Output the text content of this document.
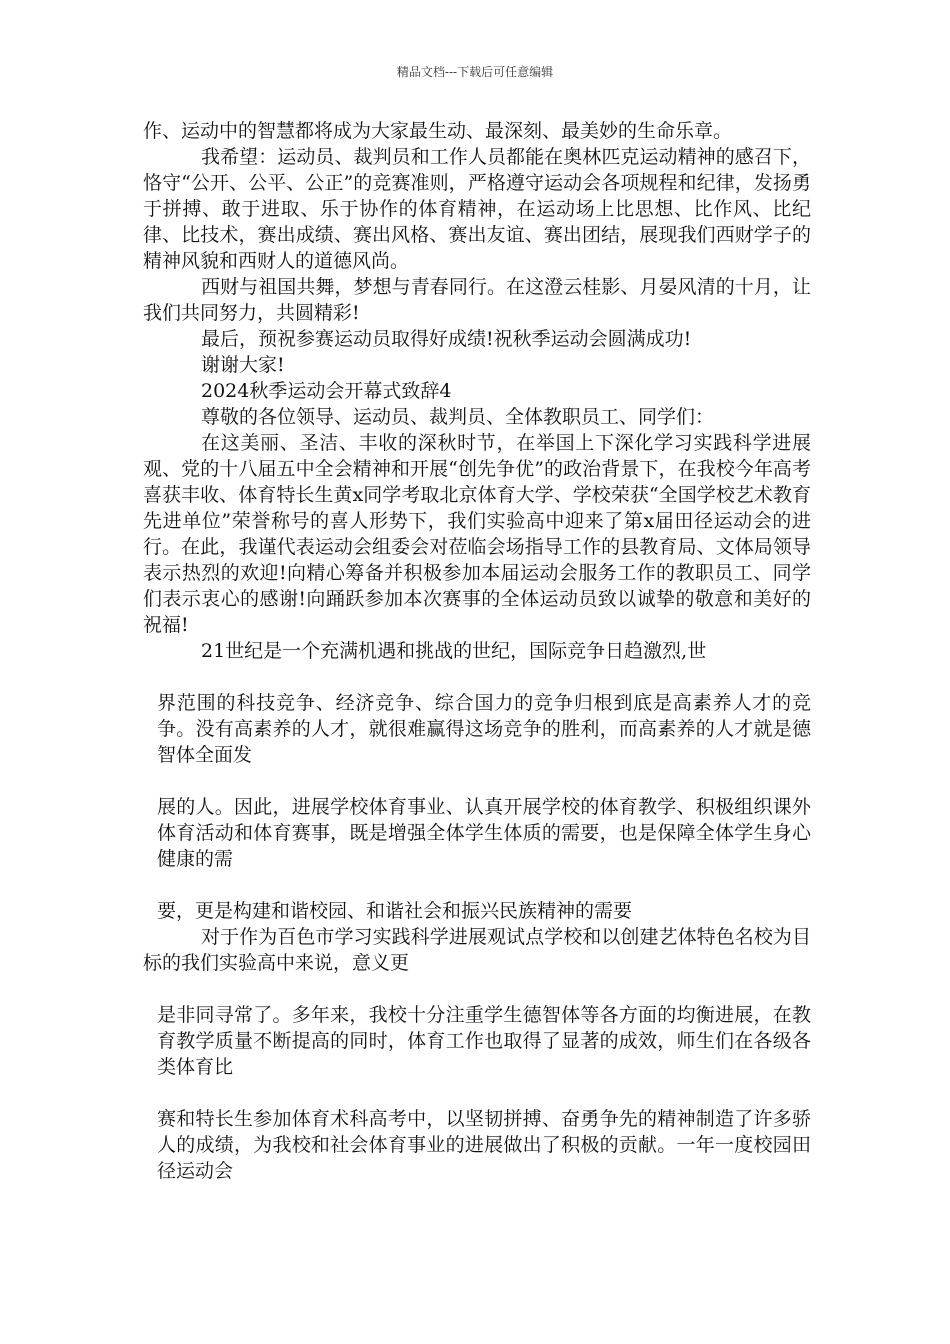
精品文档---下载后可任意编辑

作、运动中的智慧都将成为大家最生动、最深刻、最美妙的生命乐章。

我希望：运动员、裁判员和工作人员都能在奥林匹克运动精神的感召下，恪守“公开、公平、公正”的竞赛准则，严格遵守运动会各项规程和纪律，发扬勇于拼搏、敢于进取、乐于协作的体育精神，在运动场上比思想、比作风、比纪律、比技术，赛出成绩、赛出风格、赛出友谊、赛出团结，展现我们西财学子的精神风貌和西财人的道德风尚。

西财与祖国共舞，梦想与青春同行。在这澄云桂影、月晏风清的十月，让我们共同努力，共圆精彩!

最后，预祝参赛运动员取得好成绩!祝秋季运动会圆满成功!

谢谢大家!

2024秋季运动会开幕式致辞4

尊敬的各位领导、运动员、裁判员、全体教职员工、同学们：

在这美丽、圣洁、丰收的深秋时节，在举国上下深化学习实践科学进展观、党的十八届五中全会精神和开展“创先争优”的政治背景下，在我校今年高考喜获丰收、体育特长生黄x同学考取北京体育大学、学校荣获“全国学校艺术教育先进单位”荣誉称号的喜人形势下，我们实验高中迎来了第x届田径运动会的进行。在此，我谨代表运动会组委会对莅临会场指导工作的县教育局、文体局领导表示热烈的欢迎!向精心筹备并积极参加本届运动会服务工作的教职员工、同学们表示衷心的感谢!向踊跃参加本次赛事的全体运动员致以诚挚的敬意和美好的祝福!

21世纪是一个充满机遇和挑战的世纪，国际竞争日趋激烈,世

界范围的科技竞争、经济竞争、综合国力的竞争归根到底是高素养人才的竞争。没有高素养的人才，就很难赢得这场竞争的胜利，而高素养的人才就是德智体全面发

展的人。因此，进展学校体育事业、认真开展学校的体育教学、积极组织课外体育活动和体育赛事，既是增强全体学生体质的需要，也是保障全体学生身心健康的需

要，更是构建和谐校园、和谐社会和振兴民族精神的需要

对于作为百色市学习实践科学进展观试点学校和以创建艺体特色名校为目标的我们实验高中来说，意义更

是非同寻常了。多年来，我校十分注重学生德智体等各方面的均衡进展，在教育教学质量不断提高的同时，体育工作也取得了显著的成效，师生们在各级各类体育比

赛和特长生参加体育术科高考中，以坚韧拼搏、奋勇争先的精神制造了许多骄人的成绩，为我校和社会体育事业的进展做出了积极的贡献。一年一度校园田径运动会
